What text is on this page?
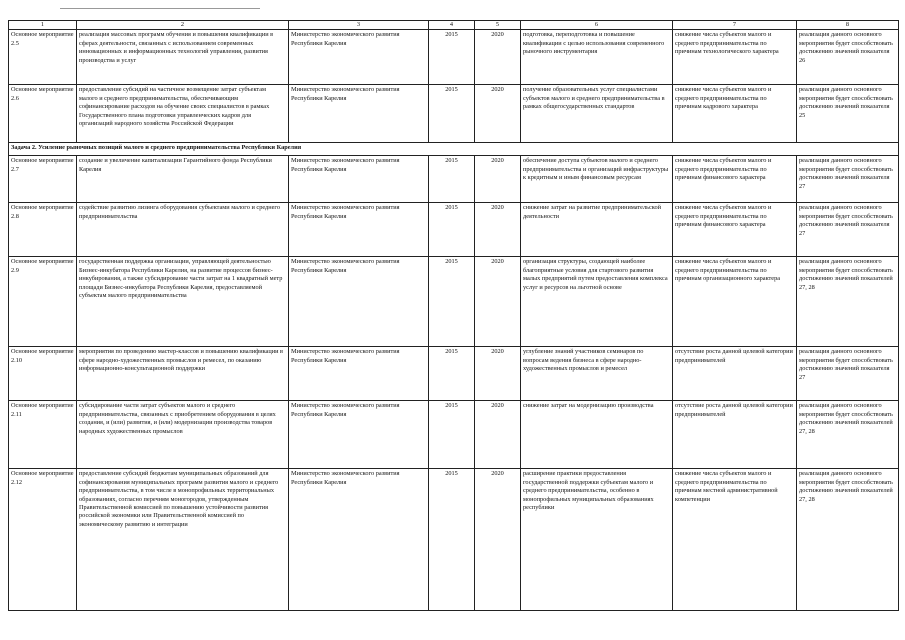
1	2	3	4	5	6	7	8
Основное мероприятие 2.5	реализация массовых программ обучения и повышения квалификации в сферах деятельности, связанных с использованием современных инновационных и информационных технологий управления, развития производства и услуг	Министерство экономического развития Республики Карелия	2015	2020	подготовка, переподготовка и повышение квалификации с целью использования современного рыночного инструментария	снижение числа субъектов малого и среднего предпринимательства по причинам технологического характера	реализация данного основного мероприятия будет способствовать достижению значений показателя 26
Основное мероприятие 2.6	предоставление субсидий на частичное возмещение затрат субъектам малого и среднего предпринимательства, обеспечивающим софинансирование расходов на обучение своих специалистов в рамках Государственного плана подготовки управленческих кадров для организаций народного хозяйства Российской Федерации	Министерство экономического развития Республики Карелия	2015	2020	получение образовательных услуг специалистами субъектов малого и среднего предпринимательства в рамках общегосударственных стандартов	снижение числа субъектов малого и среднего предпринимательства по причинам кадрового характера	реализация данного основного мероприятия будет способствовать достижению значений показателя 25
Задача 2. Усиление рыночных позиций малого и среднего предпринимательства Республики Карелия							
Основное мероприятие 2.7	создание и увеличение капитализации Гарантийного фонда Республики Карелия	Министерство экономического развития Республики Карелия	2015	2020	обеспечение доступа субъектов малого и среднего предпринимательства и организаций инфраструктуры к кредитным и иным финансовым ресурсам	снижение числа субъектов малого и среднего предпринимательства по причинам финансового характера	реализация данного основного мероприятия будет способствовать достижению значений показателя 27
Основное мероприятие 2.8	содействие развитию лизинга оборудования субъектами малого и среднего предпринимательства	Министерство экономического развития Республики Карелия	2015	2020	снижение затрат на развитие предпринимательской деятельности	снижение числа субъектов малого и среднего предпринимательства по причинам финансового характера	реализация данного основного мероприятия будет способствовать достижению значений показателя 27
Основное мероприятие 2.9	государственная поддержка организации, управляющей деятельностью Бизнес-инкубатора Республики Карелия, на развитие процессов бизнес-инкубирования, а также субсидирование части затрат на 1 квадратный метр площади Бизнес-инкубатора Республики Карелия, предоставляемой субъектам малого предпринимательства	Министерство экономического развития Республики Карелия	2015	2020	организация структуры, создающей наиболее благоприятные условия для стартового развития малых предприятий путем предоставления комплекса услуг и ресурсов на льготной основе	снижение числа субъектов малого и среднего предпринимательства по причинам организационного характера	реализация данного основного мероприятия будет способствовать достижению значений показателей 27, 28
Основное мероприятие 2.10	мероприятия по проведению мастер-классов и повышению квалификации в сфере народно-художественных промыслов и ремесел, по оказанию информационно-консультационной поддержки	Министерство экономического развития Республики Карелия	2015	2020	углубление знаний участников семинаров по вопросам ведения бизнеса в сфере народно-художественных промыслов и ремесел	отсутствие роста данной целевой категории предпринимателей	реализация данного основного мероприятия будет способствовать достижению значений показателя 27
Основное мероприятие 2.11	субсидирование части затрат субъектов малого и среднего предпринимательства, связанных с приобретением оборудования в целях создания, и (или) развития, и (или) модернизации производства товаров народных художественных промыслов	Министерство экономического развития Республики Карелия	2015	2020	снижение затрат на модернизацию производства	отсутствие роста данной целевой категории предпринимателей	реализация данного основного мероприятия будет способствовать достижению значений показателей 27, 28
Основное мероприятие 2.12	предоставление субсидий бюджетам муниципальных образований для софинансирования муниципальных программ развития малого и среднего предпринимательства, в том числе в монопрофильных территориальных образованиях, согласно перечням моногородов, утвержденным Правительственной комиссией по повышению устойчивости развития российской экономики или Правительственной комиссией по экономическому развитию и интеграции	Министерство экономического развития Республики Карелия	2015	2020	расширение практики предоставления государственной поддержки субъектам малого и среднего предпринимательства, особенно в монопрофильных муниципальных образованиях республики	снижение числа субъектов малого и среднего предпринимательства по причинам местной административной компетенции	реализация данного основного мероприятия будет способствовать достижению значений показателей 27, 28
